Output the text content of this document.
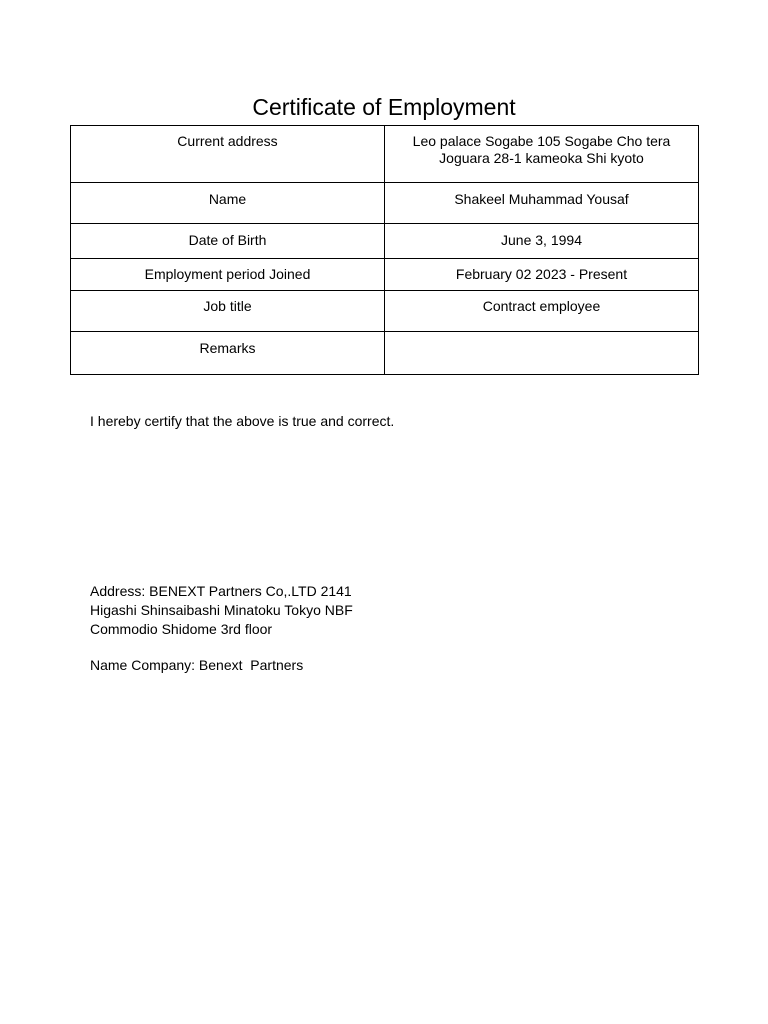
Certificate of Employment
Current address	Leo palace Sogabe 105 Sogabe Cho tera
Joguara 28-1 kameoka Shi kyoto

Name	Shakeel Muhammad Yousaf
Date of Birth	June 3, 1994
Employment period Joined	February 02 2023 - Present
Job title	Contract employee
Remarks	

I hereby certify that the above is true and correct.

Address: BENEXT Partners Co,.LTD 2141
Higashi Shinsaibashi Minatoku Tokyo NBF
Commodio Shidome 3rd floor
Name Company: Benext  Partners
